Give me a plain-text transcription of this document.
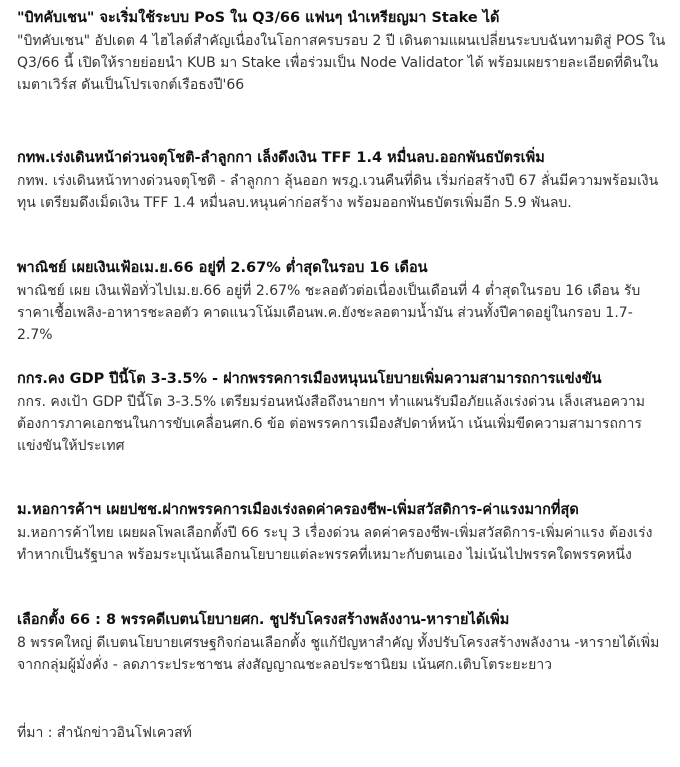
"บิทคับเชน" จะเริ่มใช้ระบบ PoS ใน Q3/66 แฟนๆ นำเหรียญมา Stake ได้

"บิทคับเชน" อัปเดต 4 ไฮไลต์สำคัญเนื่องในโอกาสครบรอบ 2 ปี เดินตามแผนเปลี่ยนระบบฉันทามติสู่ POS ใน Q3/66 นี้ เปิดให้รายย่อยนำ KUB มา Stake เพื่อร่วมเป็น Node Validator ได้ พร้อมเผยรายละเอียดที่ดินในเมตาเวิร์ส ดันเป็นโปรเจกต์เรือธงปี'66

กทพ.เร่งเดินหน้าด่วนจตุโชติ-ลำลูกกา เล็งดึงเงิน TFF 1.4 หมื่นลบ.ออกพันธบัตรเพิ่ม

กทพ. เร่งเดินหน้าทางด่วนจตุโชติ - ลำลูกกา ลุ้นออก พรฎ.เวนคืนที่ดิน เริ่มก่อสร้างปี 67 ลั่นมีความพร้อมเงินทุน เตรียมดึงเม็ดเงิน TFF 1.4 หมื่นลบ.หนุนค่าก่อสร้าง พร้อมออกพันธบัตรเพิ่มอีก 5.9 พันลบ.

พาณิชย์ เผยเงินเฟ้อเม.ย.66 อยู่ที่ 2.67% ต่ำสุดในรอบ 16 เดือน

พาณิชย์ เผย เงินเฟ้อทั่วไปเม.ย.66 อยู่ที่ 2.67% ชะลอตัวต่อเนื่องเป็นเดือนที่ 4 ต่ำสุดในรอบ 16 เดือน รับราคาเชื้อเพลิง-อาหารชะลอตัว คาดแนวโน้มเดือนพ.ค.ยังชะลอตามน้ำมัน ส่วนทั้งปีคาดอยู่ในกรอบ 1.7-2.7%

กกร.คง GDP ปีนี้โต 3-3.5% - ฝากพรรคการเมืองหนุนนโยบายเพิ่มความสามารถการแข่งขัน

กกร. คงเป้า GDP ปีนี้โต 3-3.5% เตรียมร่อนหนังสือถึงนายกฯ ทำแผนรับมือภัยแล้งเร่งด่วน เล็งเสนอความต้องการภาคเอกชนในการขับเคลื่อนศก.6 ข้อ ต่อพรรคการเมืองสัปดาห์หน้า เน้นเพิ่มขีดความสามารถการแข่งขันให้ประเทศ

ม.หอการค้าฯ เผยปชช.ฝากพรรคการเมืองเร่งลดค่าครองชีพ-เพิ่มสวัสดิการ-ค่าแรงมากที่สุด

ม.หอการค้าไทย เผยผลโพลเลือกตั้งปี 66 ระบุ 3 เรื่องด่วน ลดค่าครองชีพ-เพิ่มสวัสดิการ-เพิ่มค่าแรง ต้องเร่งทำหากเป็นรัฐบาล พร้อมระบุเน้นเลือกนโยบายแต่ละพรรคที่เหมาะกับตนเอง ไม่เน้นไปพรรคใดพรรคหนึ่ง

เลือกตั้ง 66 : 8 พรรคดีเบตนโยบายศก. ชูปรับโครงสร้างพลังงาน-หารายได้เพิ่ม

8 พรรคใหญ่ ดีเบตนโยบายเศรษฐกิจก่อนเลือกตั้ง ชูแก้ปัญหาสำคัญ ทั้งปรับโครงสร้างพลังงาน -หารายได้เพิ่ม จากกลุ่มผู้มั่งคั่ง - ลดภาระประชาชน ส่งสัญญาณชะลอประชานิยม เน้นศก.เติบโตระยะยาว

ที่มา : สำนักข่าวอินโฟเควสท์
